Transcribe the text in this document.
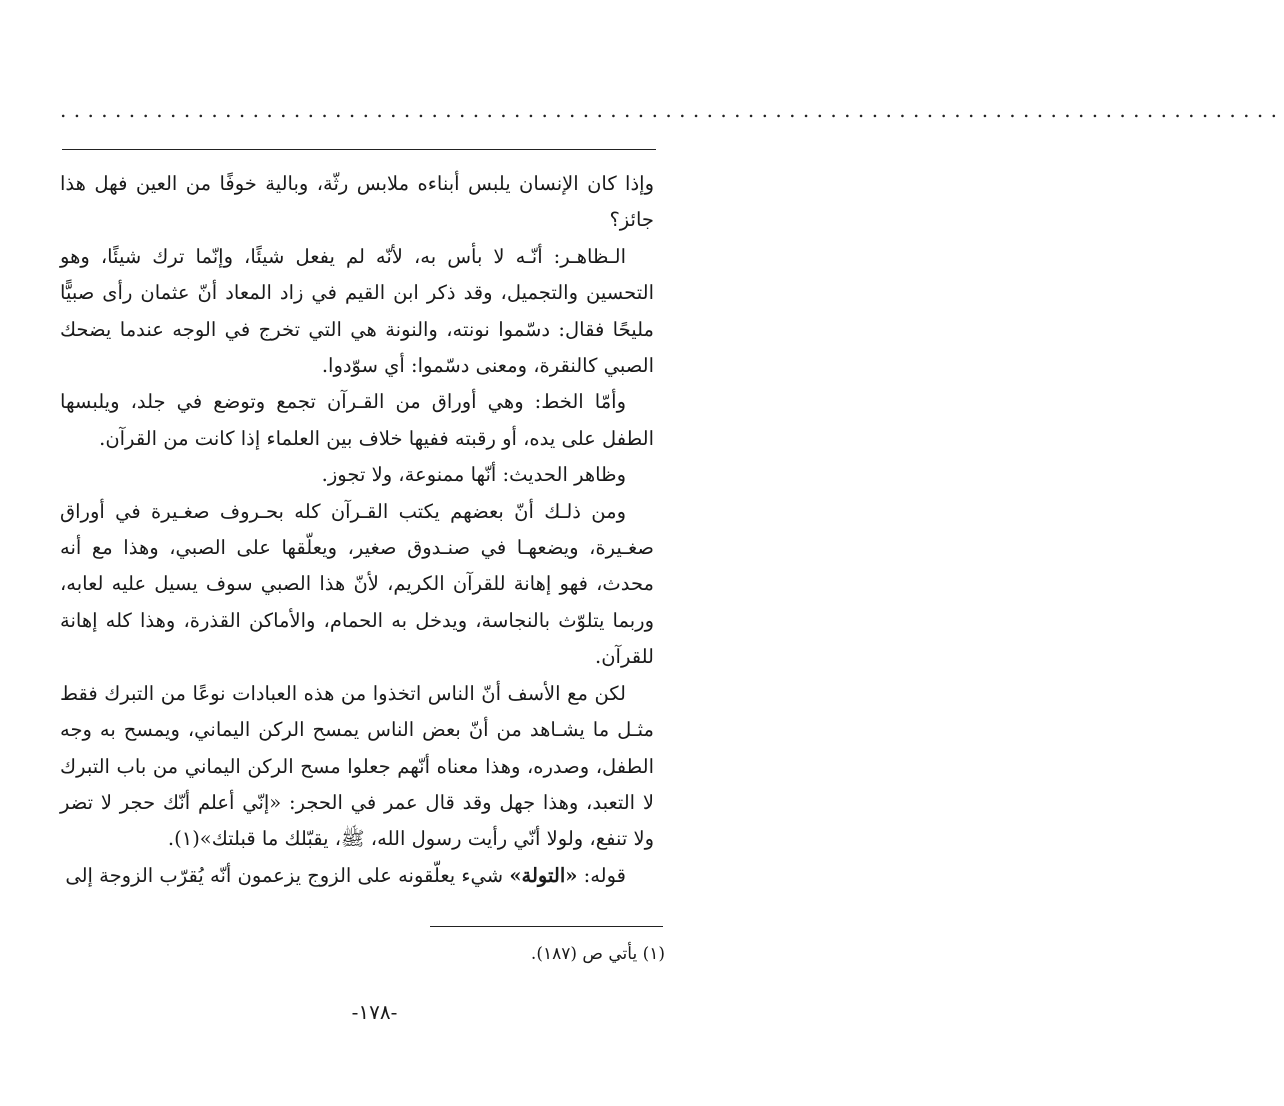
.........................................................................................

وإذا كان الإنسان يلبس أبناءه ملابس رثّة، وبالية خوفًا من العين فهل هذا جائز؟

الـظاهـر: أنّـه لا بأس به، لأنّه لم يفعل شيئًا، وإنّما ترك شيئًا، وهو التحسين والتجميل، وقد ذكر ابن القيم في زاد المعاد أنّ عثمان رأى صبيًّا مليحًا فقال: دسّموا نونته، والنونة هي التي تخرج في الوجه عندما يضحك الصبي كالنقرة، ومعنى دسّموا: أي سوّدوا.

وأمّا الخط: وهي أوراق من القـرآن تجمع وتوضع في جلد، ويلبسها الطفل على يده، أو رقبته ففيها خلاف بين العلماء إذا كانت من القرآن.

وظاهر الحديث: أنّها ممنوعة، ولا تجوز.

ومن ذلـك أنّ بعضهم يكتب القـرآن كله بحـروف صغـيرة في أوراق صغـيرة، ويضعهـا في صنـدوق صغير، ويعلّقها على الصبي، وهذا مع أنه محدث، فهو إهانة للقرآن الكريم، لأنّ هذا الصبي سوف يسيل عليه لعابه، وربما يتلوّث بالنجاسة، ويدخل به الحمام، والأماكن القذرة، وهذا كله إهانة للقرآن.

لكن مع الأسف أنّ الناس اتخذوا من هذه العبادات نوعًا من التبرك فقط مثـل ما يشـاهد من أنّ بعض الناس يمسح الركن اليماني، ويمسح به وجه الطفل، وصدره، وهذا معناه أنّهم جعلوا مسح الركن اليماني من باب التبرك لا التعبد، وهذا جهل وقد قال عمر في الحجر: «إنّي أعلم أنّك حجر لا تضر ولا تنفع، ولولا أنّي رأيت رسول الله، ﷺ، يقبّلك ما قبلتك»(١).

قوله: «التولة» شيء يعلّقونه على الزوج يزعمون أنّه يُقرّب الزوجة إلى

(١) يأتي ص (١٨٧).
-١٧٨-
